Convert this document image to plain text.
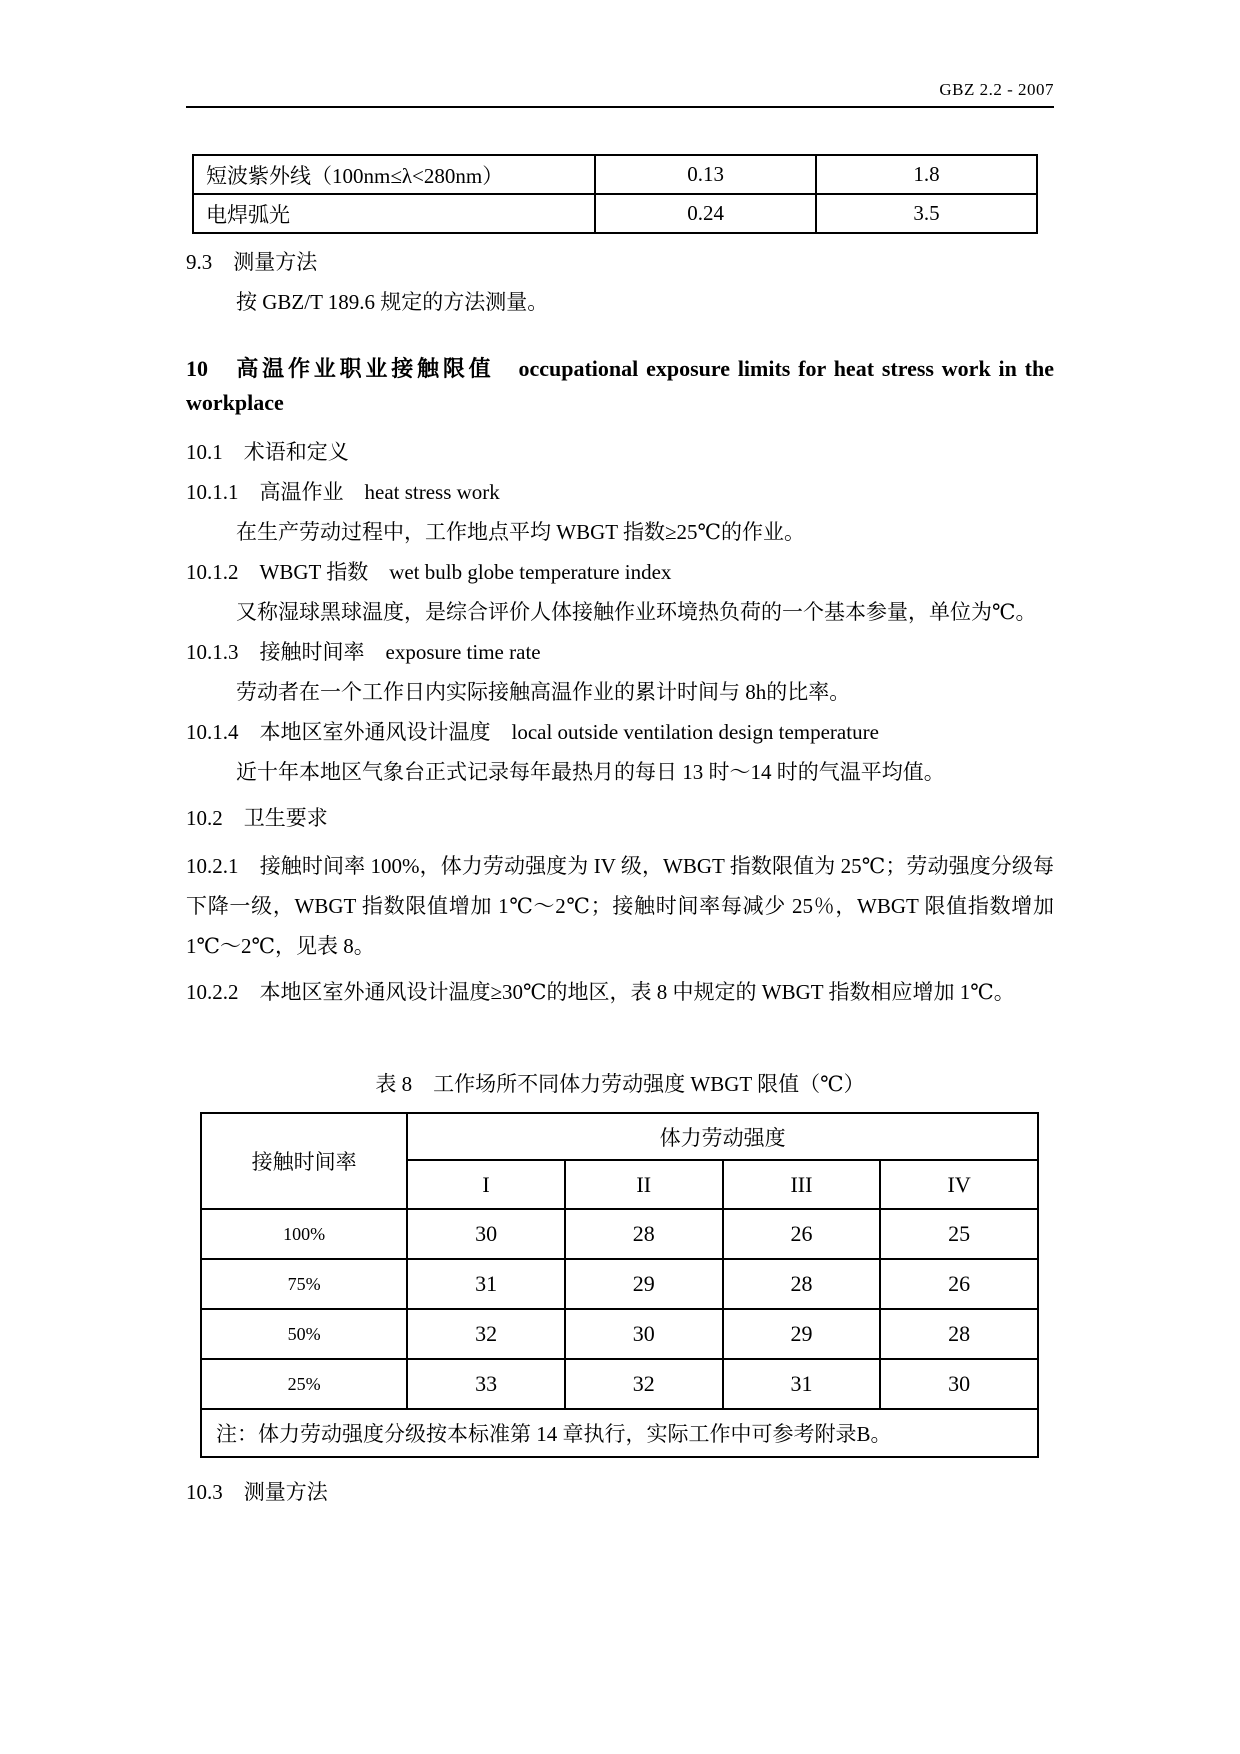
GBZ 2.2 - 2007
短波紫外线（100nm≤λ<280nm）	0.13	1.8
电焊弧光	0.24	3.5

9.3　测量方法

按 GBZ/T 189.6 规定的方法测量。

10 高温作业职业接触限值 occupational exposure limits for heat stress work in the workplace

10.1　术语和定义

10.1.1　高温作业　heat stress work

在生产劳动过程中，工作地点平均 WBGT 指数≥25℃的作业。

10.1.2　WBGT 指数　wet bulb globe temperature index

又称湿球黑球温度，是综合评价人体接触作业环境热负荷的一个基本参量，单位为℃。

10.1.3　接触时间率　exposure time rate

劳动者在一个工作日内实际接触高温作业的累计时间与 8h的比率。

10.1.4　本地区室外通风设计温度　local outside ventilation design temperature

近十年本地区气象台正式记录每年最热月的每日 13 时～14 时的气温平均值。

10.2　卫生要求

10.2.1　接触时间率 100%，体力劳动强度为 IV 级，WBGT 指数限值为 25℃；劳动强度分级每下降一级，WBGT 指数限值增加 1℃～2℃；接触时间率每减少 25％，WBGT 限值指数增加 1℃～2℃，见表 8。

10.2.2　本地区室外通风设计温度≥30℃的地区，表 8 中规定的 WBGT 指数相应增加 1℃。

表 8　工作场所不同体力劳动强度 WBGT 限值（℃）

接触时间率	体力劳动强度			
	I	II	III	IV
100%	30	28	26	25
75%	31	29	28	26
50%	32	30	29	28
25%	33	32	31	30
注：体力劳动强度分级按本标准第 14 章执行，实际工作中可参考附录B。				

10.3　测量方法
